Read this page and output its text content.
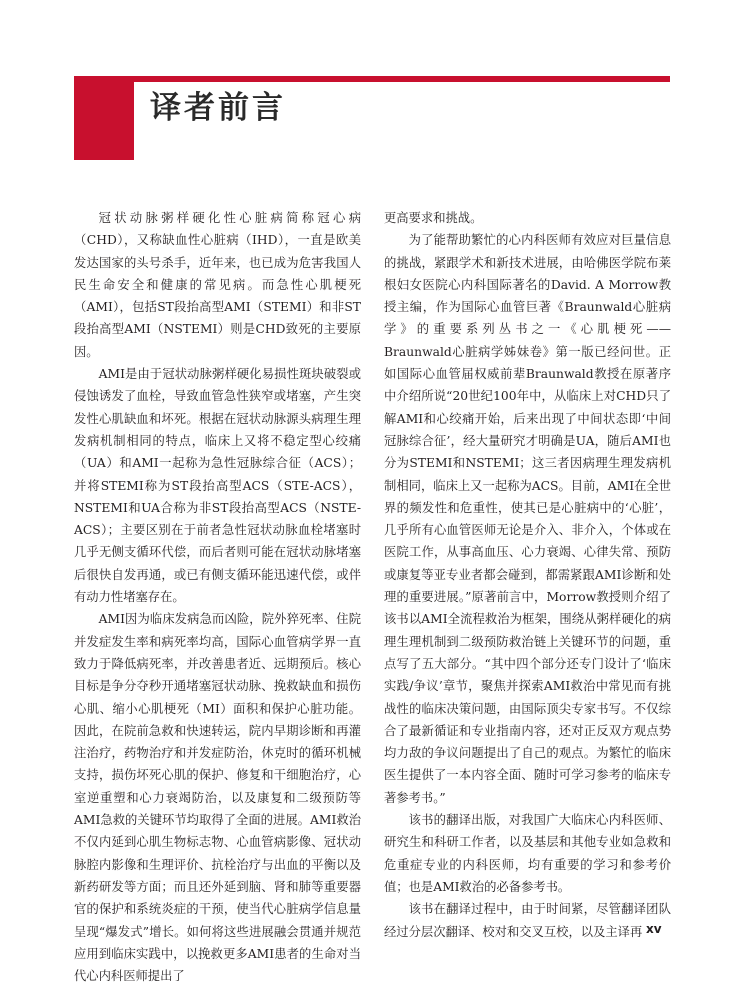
译者前言

冠状动脉粥样硬化性心脏病简称冠心病（CHD），又称缺血性心脏病（IHD），一直是欧美发达国家的头号杀手，近年来，也已成为危害我国人民生命安全和健康的常见病。而急性心肌梗死（AMI），包括ST段抬高型AMI（STEMI）和非ST段抬高型AMI（NSTEMI）则是CHD致死的主要原因。

AMI是由于冠状动脉粥样硬化易损性斑块破裂或侵蚀诱发了血栓，导致血管急性狭窄或堵塞，产生突发性心肌缺血和坏死。根据在冠状动脉源头病理生理发病机制相同的特点，临床上又将不稳定型心绞痛（UA）和AMI一起称为急性冠脉综合征（ACS）；并将STEMI称为ST段抬高型ACS（STE-ACS），NSTEMI和UA合称为非ST段抬高型ACS（NSTE-ACS）；主要区别在于前者急性冠状动脉血栓堵塞时几乎无侧支循环代偿，而后者则可能在冠状动脉堵塞后很快自发再通，或已有侧支循环能迅速代偿，或伴有动力性堵塞存在。

AMI因为临床发病急而凶险，院外猝死率、住院并发症发生率和病死率均高，国际心血管病学界一直致力于降低病死率，并改善患者近、远期预后。核心目标是争分夺秒开通堵塞冠状动脉、挽救缺血和损伤心肌、缩小心肌梗死（MI）面积和保护心脏功能。因此，在院前急救和快速转运，院内早期诊断和再灌注治疗，药物治疗和并发症防治，休克时的循环机械支持，损伤坏死心肌的保护、修复和干细胞治疗，心室逆重塑和心力衰竭防治，以及康复和二级预防等AMI急救的关键环节均取得了全面的进展。AMI救治不仅内延到心肌生物标志物、心血管病影像、冠状动脉腔内影像和生理评价、抗栓治疗与出血的平衡以及新药研发等方面；而且还外延到脑、肾和肺等重要器官的保护和系统炎症的干预，使当代心脏病学信息量呈现“爆发式”增长。如何将这些进展融会贯通并规范应用到临床实践中，以挽救更多AMI患者的生命对当代心内科医师提出了

更高要求和挑战。

为了能帮助繁忙的心内科医师有效应对巨量信息的挑战，紧跟学术和新技术进展，由哈佛医学院布莱根妇女医院心内科国际著名的David. A Morrow教授主编，作为国际心血管巨著《Braunwald心脏病学》的重要系列丛书之一《心肌梗死——Braunwald心脏病学姊妹卷》第一版已经问世。正如国际心血管届权威前辈Braunwald教授在原著序中介绍所说“20世纪100年中，从临床上对CHD只了解AMI和心绞痛开始，后来出现了中间状态即‘中间冠脉综合征’，经大量研究才明确是UA，随后AMI也分为STEMI和NSTEMI；这三者因病理生理发病机制相同，临床上又一起称为ACS。目前，AMI在全世界的频发性和危重性，使其已是心脏病中的‘心脏’，几乎所有心血管医师无论是介入、非介入，个体或在医院工作，从事高血压、心力衰竭、心律失常、预防或康复等亚专业者都会碰到，都需紧跟AMI诊断和处理的重要进展。”原著前言中，Morrow教授则介绍了该书以AMI全流程救治为框架，围绕从粥样硬化的病理生理机制到二级预防救治链上关键环节的问题，重点写了五大部分。“其中四个部分还专门设计了‘临床实践/争议’章节，聚焦并探索AMI救治中常见而有挑战性的临床决策问题，由国际顶尖专家书写。不仅综合了最新循证和专业指南内容，还对正反双方观点势均力敌的争议问题提出了自己的观点。为繁忙的临床医生提供了一本内容全面、随时可学习参考的临床专著参考书。”

该书的翻译出版，对我国广大临床心内科医师、研究生和科研工作者，以及基层和其他专业如急救和危重症专业的内科医师，均有重要的学习和参考价值；也是AMI救治的必备参考书。

该书在翻译过程中，由于时间紧，尽管翻译团队经过分层次翻译、校对和交叉互校，以及主译再 xv
